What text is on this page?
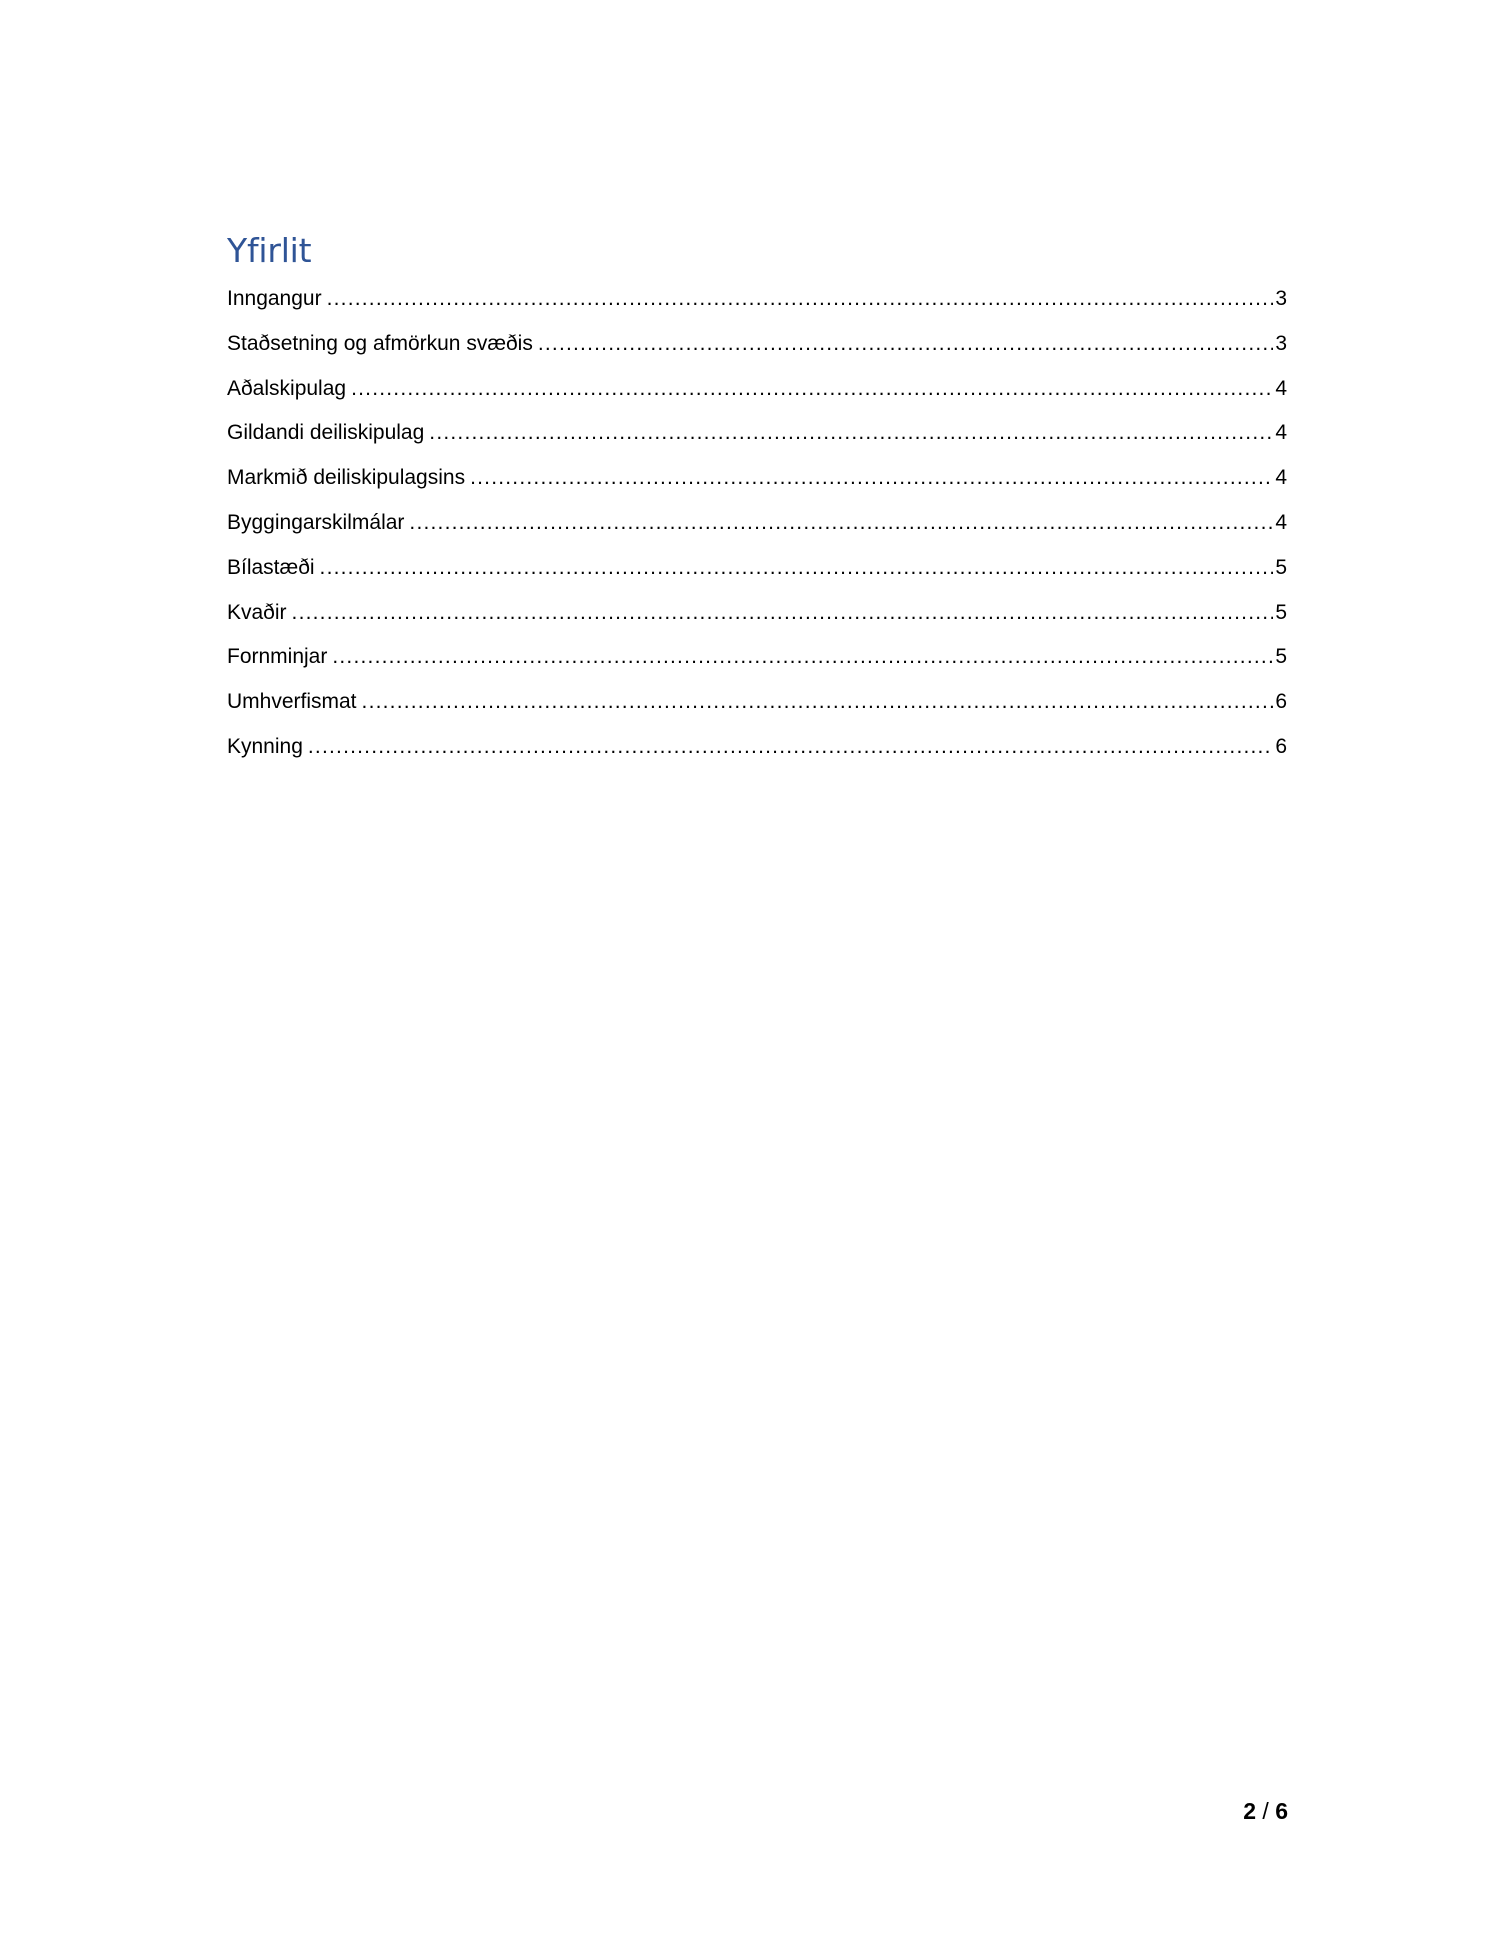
Yfirlit
Inngangur .....	3
Staðsetning og afmörkun svæðis .....	3
Aðalskipulag .....	4
Gildandi deiliskipulag .....	4
Markmið deiliskipulagsins .....	4
Byggingarskilmálar .....	4
Bílastæði .....	5
Kvaðir .....	5
Fornminjar .....	5
Umhverfismat .....	6
Kynning .....	6
2 / 6
